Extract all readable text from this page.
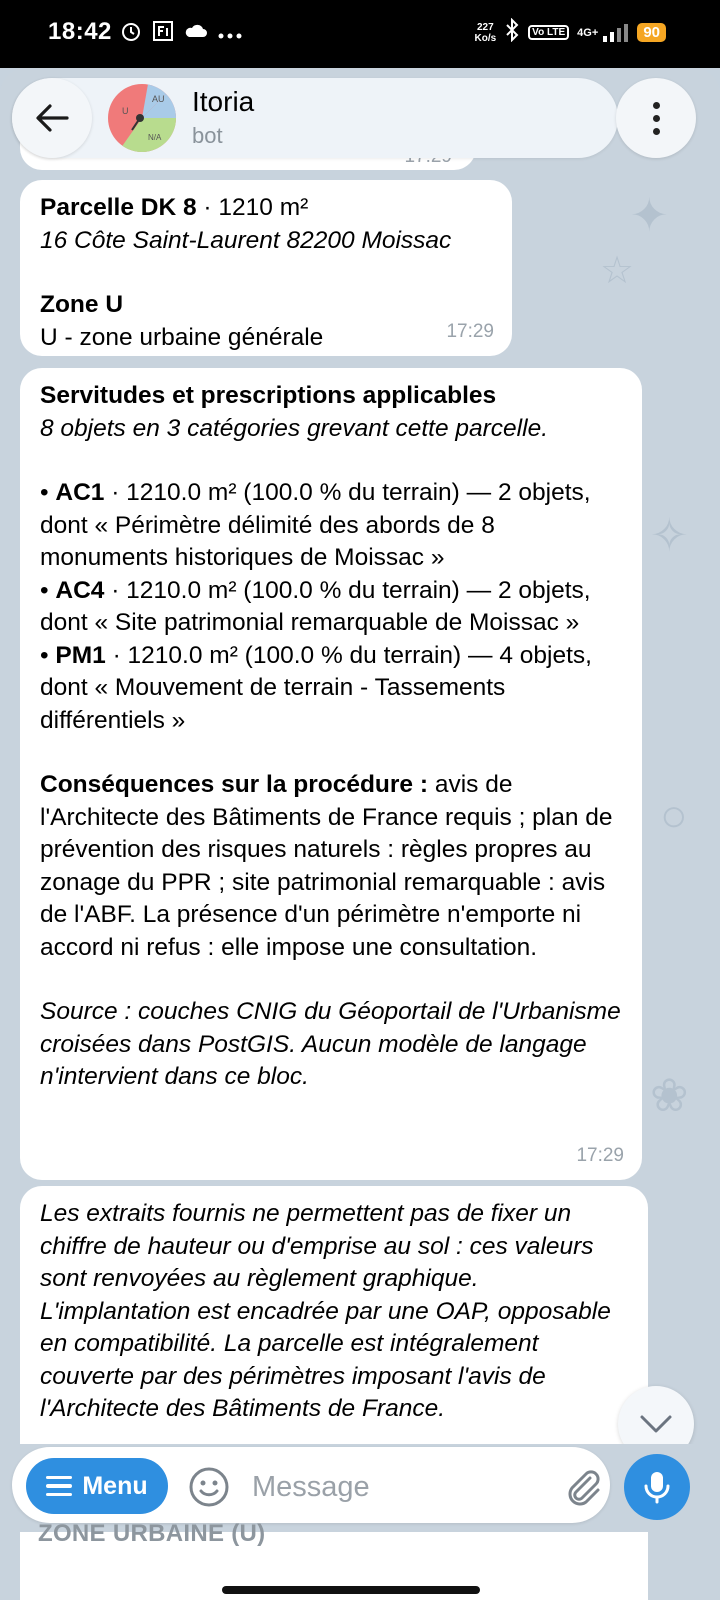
18:42	227
Ko/s	Vo LTE	4G+	90
✦
☆
✧
○
❀
U
AU
N/A
Itoria
bot

Parcelle DK 8 · 1210 m²

16 Côte Saint-Laurent 82200 Moissac

Zone U

U - zone urbaine générale	17:29

Servitudes et prescriptions applicables

8 objets en 3 catégories grevant cette parcelle.

• AC1 · 1210.0 m² (100.0 % du terrain) — 2 objets, dont « Périmètre délimité des abords de 8 monuments historiques de Moissac »

• AC4 · 1210.0 m² (100.0 % du terrain) — 2 objets, dont « Site patrimonial remarquable de Moissac »

• PM1 · 1210.0 m² (100.0 % du terrain) — 4 objets, dont « Mouvement de terrain - Tassements différentiels »

Conséquences sur la procédure : avis de l'Architecte des Bâtiments de France requis ; plan de prévention des risques naturels : règles propres au zonage du PPR ; site patrimonial remarquable : avis de l'ABF. La présence d'un périmètre n'emporte ni accord ni refus : elle impose une consultation.

Source : couches CNIG du Géoportail de l'Urbanisme croisées dans PostGIS. Aucun modèle de langage n'intervient dans ce bloc.

17:29

Les extraits fournis ne permettent pas de fixer un chiffre de hauteur ou d'emprise au sol : ces valeurs sont renvoyées au règlement graphique. L'implantation est encadrée par une OAP, opposable en compatibilité. La parcelle est intégralement couverte par des périmètres imposant l'avis de l'Architecte des Bâtiments de France.

Menu
Message
ZONE URBAINE (U)
